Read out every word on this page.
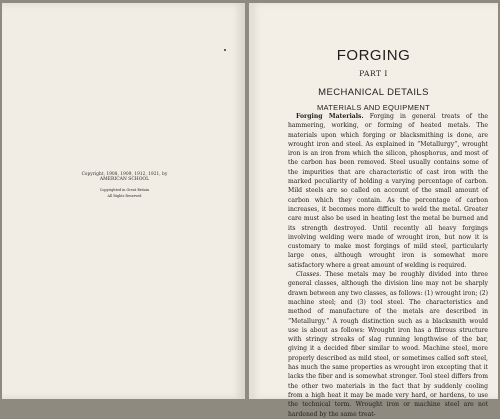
Copyright, 1908, 1909, 1912, 1921, by
AMERICAN SCHOOL
Copyrighted in Great Britain
All Rights Reserved
FORGING
PART I
MECHANICAL DETAILS
MATERIALS AND EQUIPMENT

Forging Materials. Forging in general treats of the hammering, working, or forming of heated metals. The materials upon which forging or blacksmithing is done, are wrought iron and steel. As explained in “Metallurgy”, wrought iron is an iron from which the silicon, phosphorus, and most of the carbon has been removed. Steel usually contains some of the impurities that are characteristic of cast iron with the marked peculiarity of holding a varying percentage of carbon. Mild steels are so called on account of the small amount of carbon which they contain. As the percentage of carbon increases, it becomes more difficult to weld the metal. Greater care must also be used in heating lest the metal be burned and its strength destroyed. Until recently all heavy forgings involving welding were made of wrought iron, but now it is customary to make most forgings of mild steel, particularly large ones, although wrought iron is somewhat more satisfactory where a great amount of welding is required.

Classes. These metals may be roughly divided into three general classes, although the division line may not be sharply drawn between any two classes, as follows: (1) wrought iron; (2) machine steel; and (3) tool steel. The characteristics and method of manufacture of the metals are described in “Metallurgy.” A rough distinction such as a blacksmith would use is about as follows: Wrought iron has a fibrous structure with stringy streaks of slag running lengthwise of the bar, giving it a decided fiber similar to wood. Machine steel, more properly described as mild steel, or sometimes called soft steel, has much the same properties as wrought iron excepting that it lacks the fiber and is somewhat stronger. Tool steel differs from the other two materials in the fact that by suddenly cooling from a high heat it may be made very hard, or hardens, to use the technical term. Wrought iron or machine steel are not hardened by the same treat-
